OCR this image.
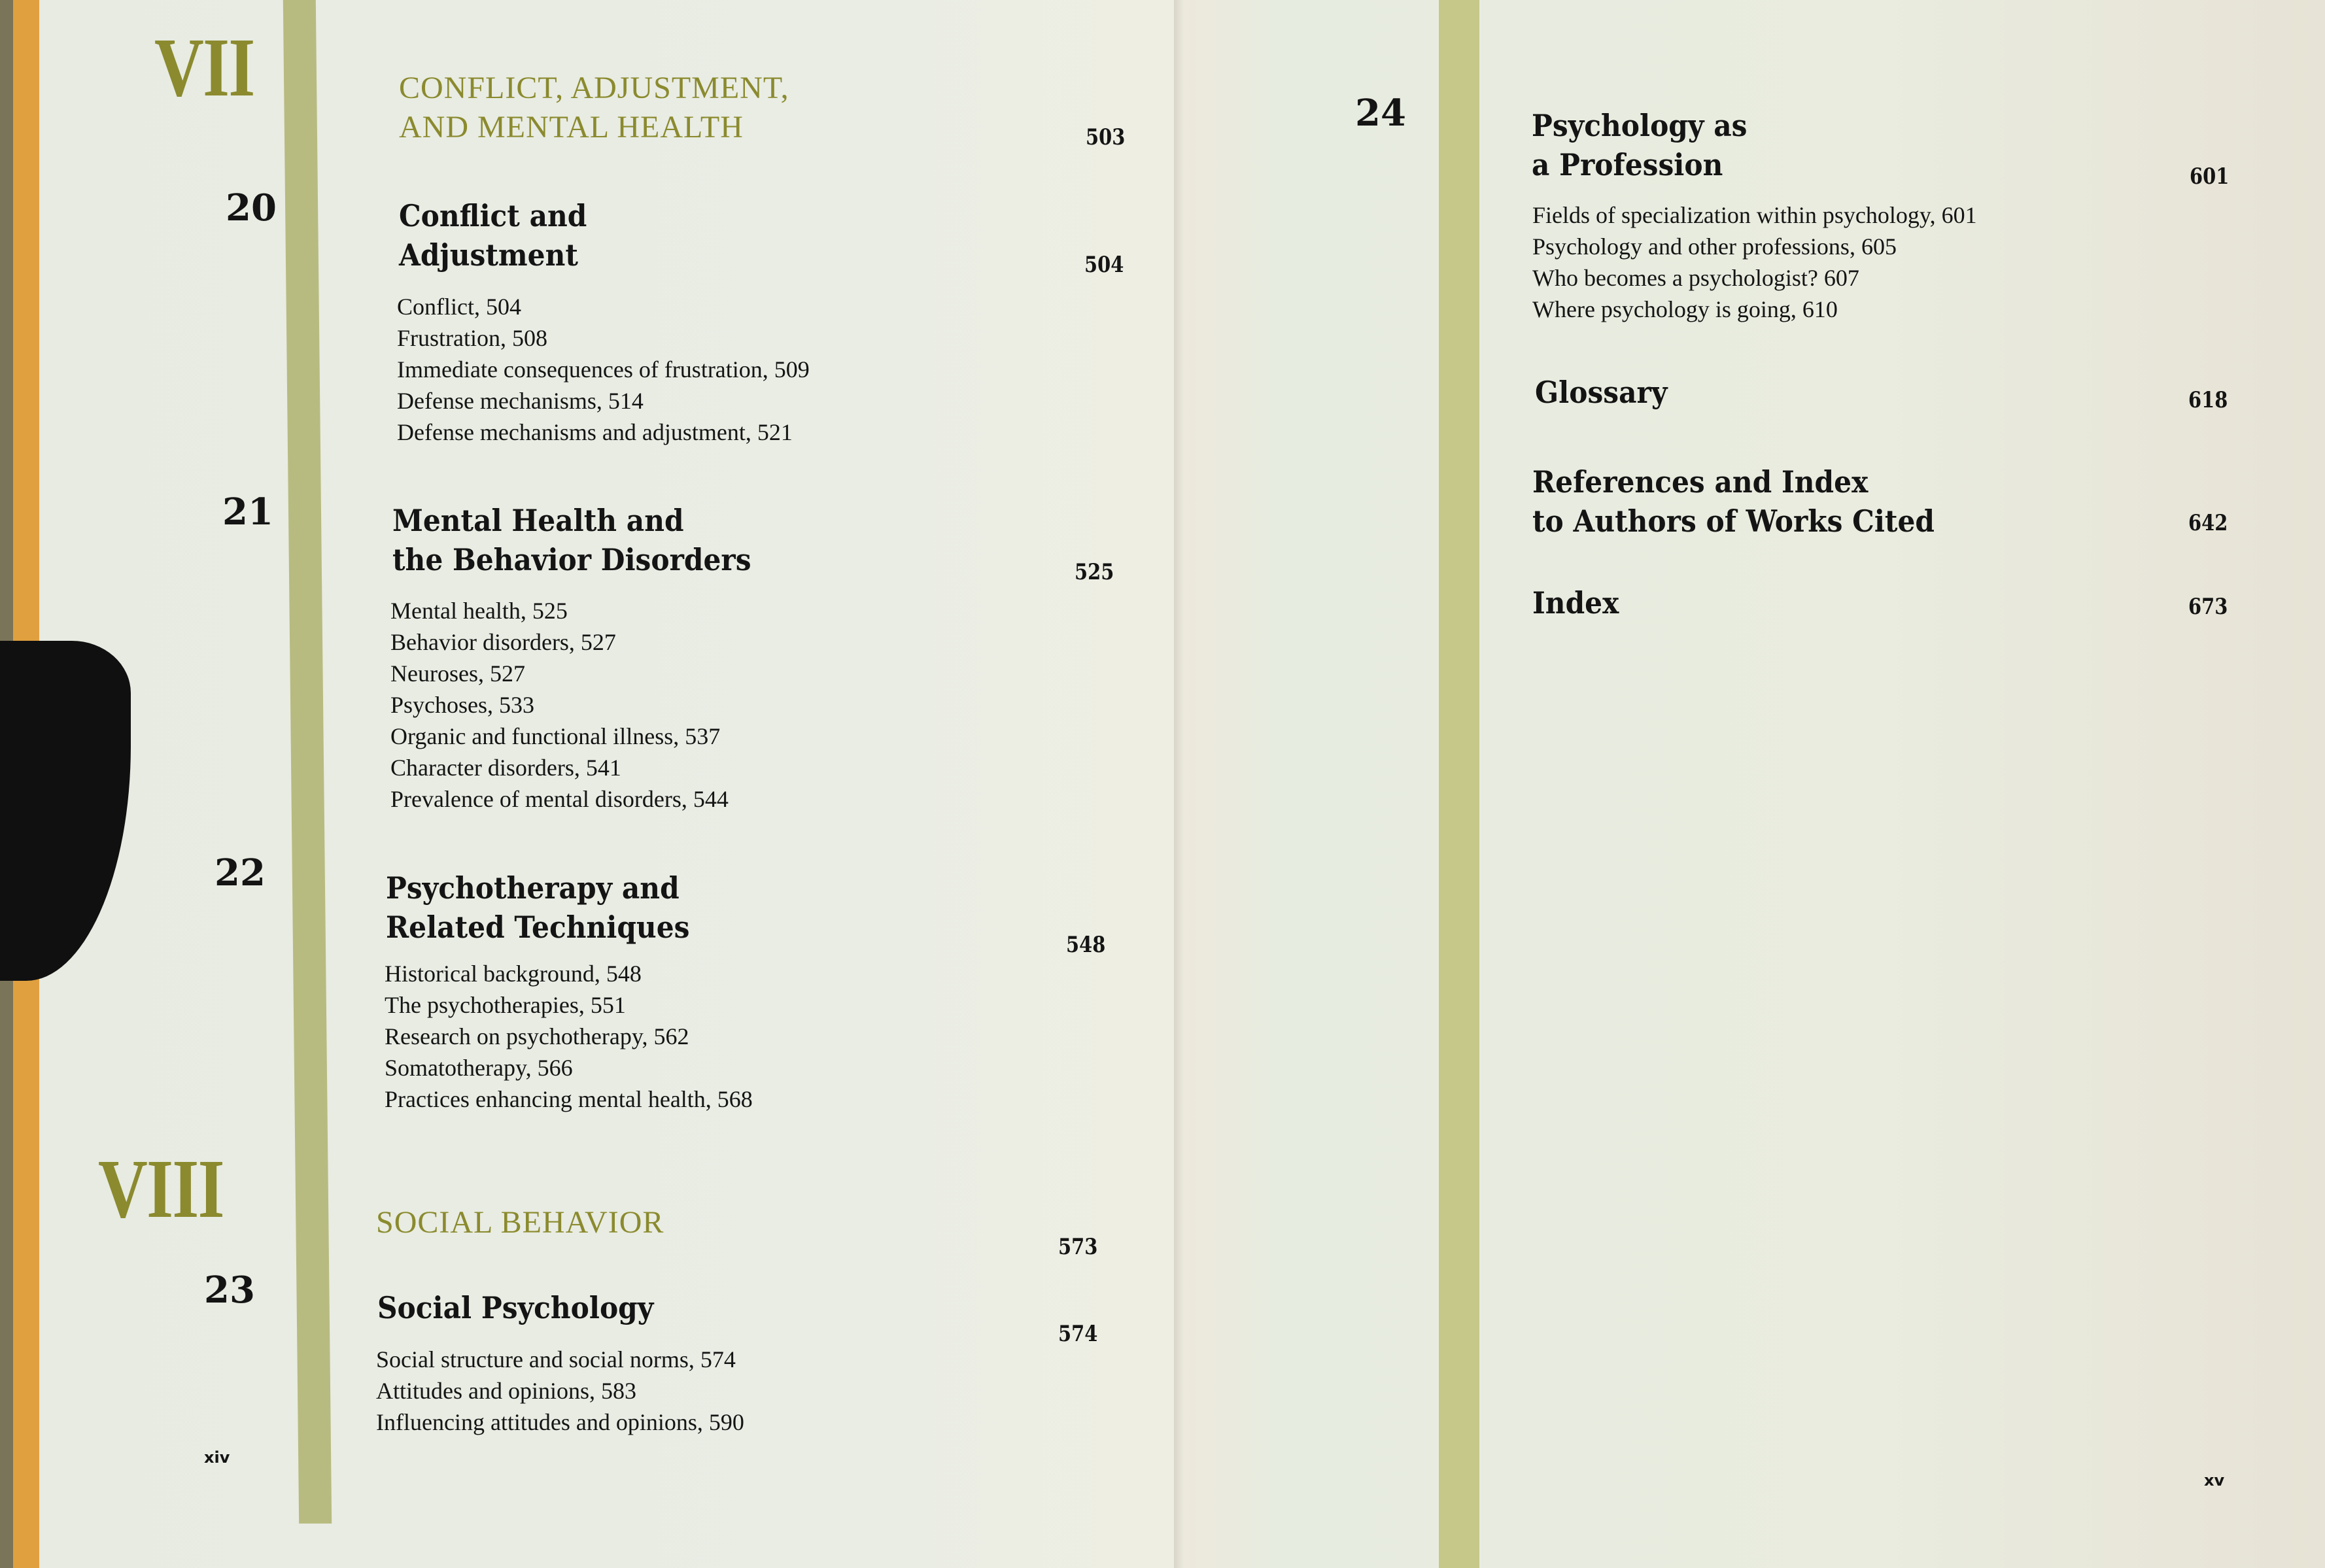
VII	CONFLICT, ADJUSTMENT,
AND MENTAL HEALTH	503
20	Conflict and
Adjustment	504
Conflict, 504
Frustration, 508
Immediate consequences of frustration, 509
Defense mechanisms, 514
Defense mechanisms and adjustment, 521
21	Mental Health and
the Behavior Disorders	525
Mental health, 525
Behavior disorders, 527
Neuroses, 527
Psychoses, 533
Organic and functional illness, 537
Character disorders, 541
Prevalence of mental disorders, 544
22	Psychotherapy and
Related Techniques	548
Historical background, 548
The psychotherapies, 551
Research on psychotherapy, 562
Somatotherapy, 566
Practices enhancing mental health, 568
VIII	SOCIAL BEHAVIOR
573
23	Social Psychology
574
Social structure and social norms, 574
Attitudes and opinions, 583
Influencing attitudes and opinions, 590
xiv
24	Psychology as
a Profession	601
Fields of specialization within psychology, 601
Psychology and other professions, 605
Who becomes a psychologist? 607
Where psychology is going, 610
Glossary	618
References and Index
to Authors of Works Cited	642
Index	673
xv
